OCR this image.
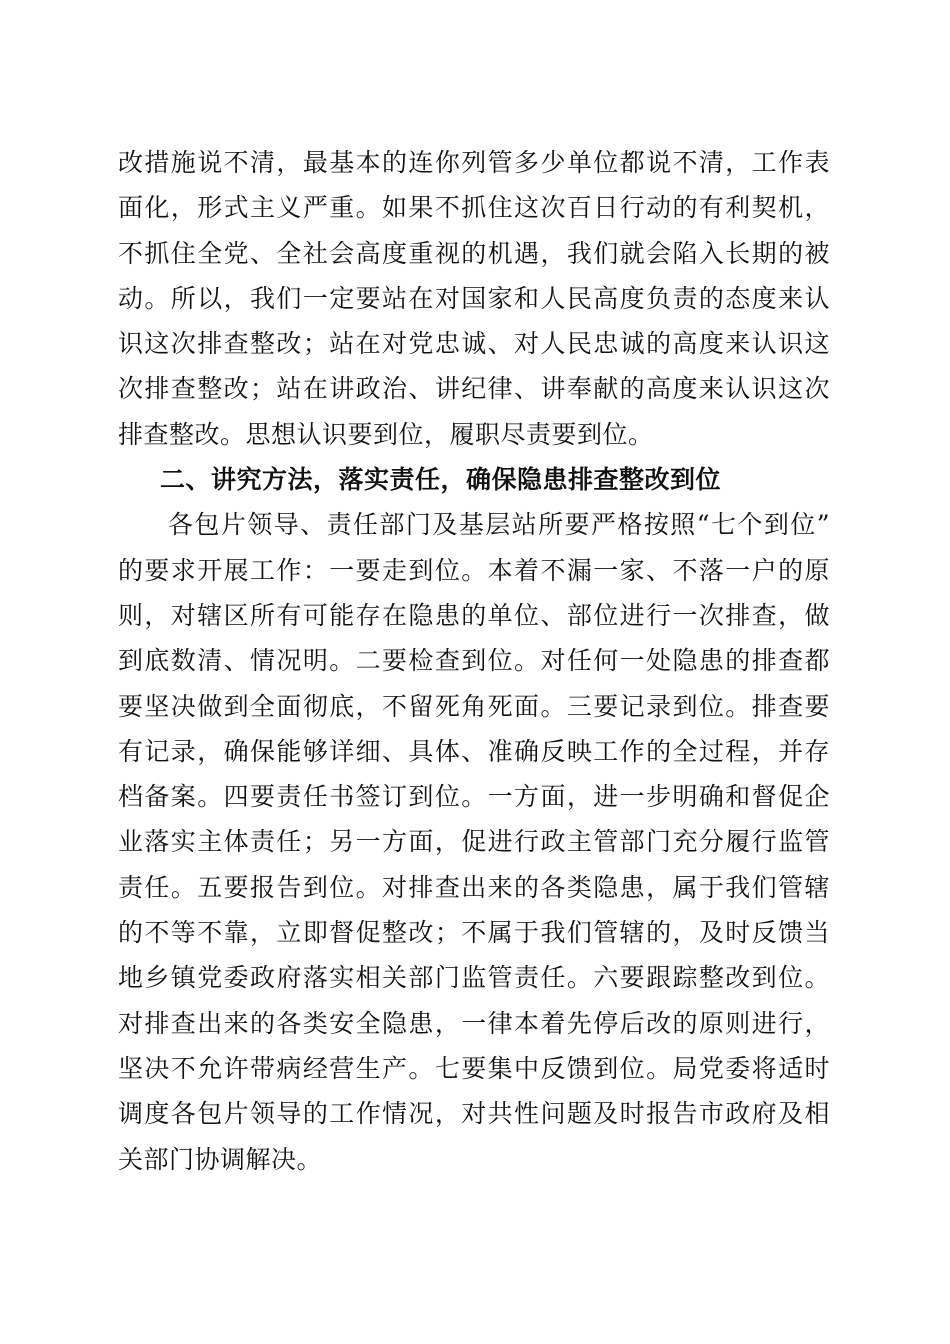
改措施说不清，最基本的连你列管多少单位都说不清，工作表
面化，形式主义严重。如果不抓住这次百日行动的有利契机，
不抓住全党、全社会高度重视的机遇，我们就会陷入长期的被
动。所以，我们一定要站在对国家和人民高度负责的态度来认
识这次排查整改；站在对党忠诚、对人民忠诚的高度来认识这
次排查整改；站在讲政治、讲纪律、讲奉献的高度来认识这次
排查整改。思想认识要到位，履职尽责要到位。
二、讲究方法，落实责任，确保隐患排查整改到位
各包片领导、责任部门及基层站所要严格按照“七个到位”
的要求开展工作：一要走到位。本着不漏一家、不落一户的原
则，对辖区所有可能存在隐患的单位、部位进行一次排查，做
到底数清、情况明。二要检查到位。对任何一处隐患的排查都
要坚决做到全面彻底，不留死角死面。三要记录到位。排查要
有记录，确保能够详细、具体、准确反映工作的全过程，并存
档备案。四要责任书签订到位。一方面，进一步明确和督促企
业落实主体责任；另一方面，促进行政主管部门充分履行监管
责任。五要报告到位。对排查出来的各类隐患，属于我们管辖
的不等不靠，立即督促整改；不属于我们管辖的，及时反馈当
地乡镇党委政府落实相关部门监管责任。六要跟踪整改到位。
对排查出来的各类安全隐患，一律本着先停后改的原则进行，
坚决不允许带病经营生产。七要集中反馈到位。局党委将适时
调度各包片领导的工作情况，对共性问题及时报告市政府及相
关部门协调解决。
